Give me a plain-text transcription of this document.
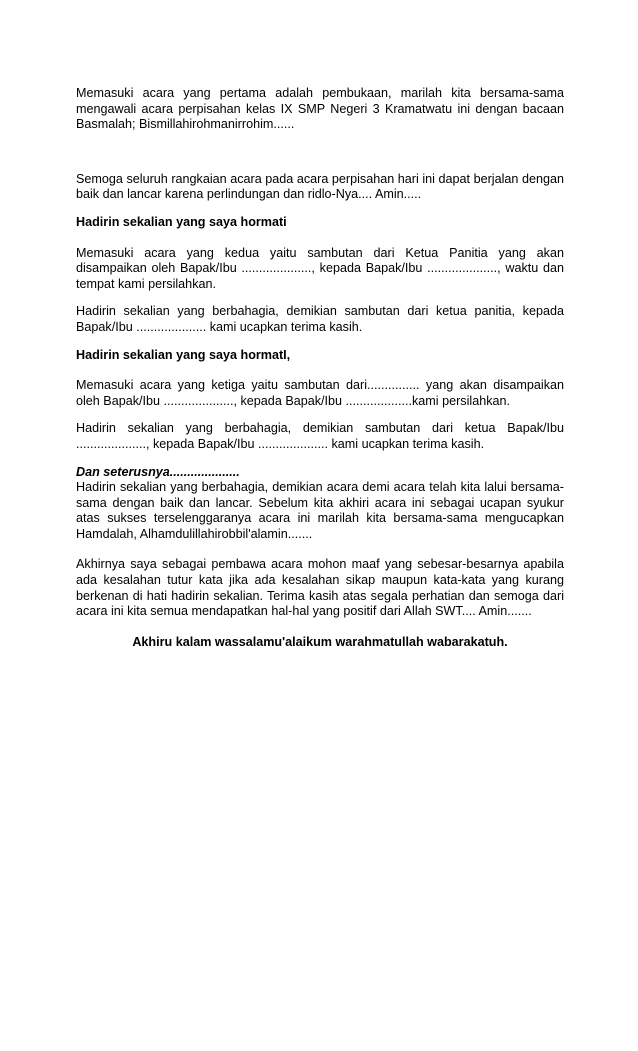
Memasuki acara yang pertama adalah pembukaan, marilah kita bersama-sama mengawali acara perpisahan kelas IX SMP Negeri 3 Kramatwatu ini dengan bacaan Basmalah; Bismillahirohmanirrohim......

Semoga seluruh rangkaian acara pada acara perpisahan hari ini dapat berjalan dengan baik dan lancar karena perlindungan dan ridlo-Nya.... Amin.....

Hadirin sekalian yang saya hormati

Memasuki acara yang kedua yaitu sambutan dari Ketua Panitia yang akan disampaikan oleh Bapak/Ibu ...................., kepada Bapak/Ibu ...................., waktu dan tempat kami persilahkan.

Hadirin sekalian yang berbahagia, demikian sambutan dari ketua panitia, kepada Bapak/Ibu .................... kami ucapkan terima kasih.

Hadirin sekalian yang saya hormatI,

Memasuki acara yang ketiga yaitu sambutan dari............... yang akan disampaikan oleh Bapak/Ibu ...................., kepada Bapak/Ibu ...................kami persilahkan.

Hadirin sekalian yang berbahagia, demikian sambutan dari ketua Bapak/Ibu ...................., kepada Bapak/Ibu .................... kami ucapkan terima kasih.

Dan seterusnya....................

Hadirin sekalian yang berbahagia, demikian acara demi acara telah kita lalui bersama-sama dengan baik dan lancar. Sebelum kita akhiri acara ini sebagai ucapan syukur atas sukses terselenggaranya acara ini marilah kita bersama-sama mengucapkan Hamdalah, Alhamdulillahirobbil'alamin.......

Akhirnya saya sebagai pembawa acara mohon maaf yang sebesar-besarnya apabila ada kesalahan tutur kata jika ada kesalahan sikap maupun kata-kata yang kurang berkenan di hati hadirin sekalian. Terima kasih atas segala perhatian dan semoga dari acara ini kita semua mendapatkan hal-hal yang positif dari Allah SWT.... Amin.......

Akhiru kalam wassalamu'alaikum warahmatullah wabarakatuh.
